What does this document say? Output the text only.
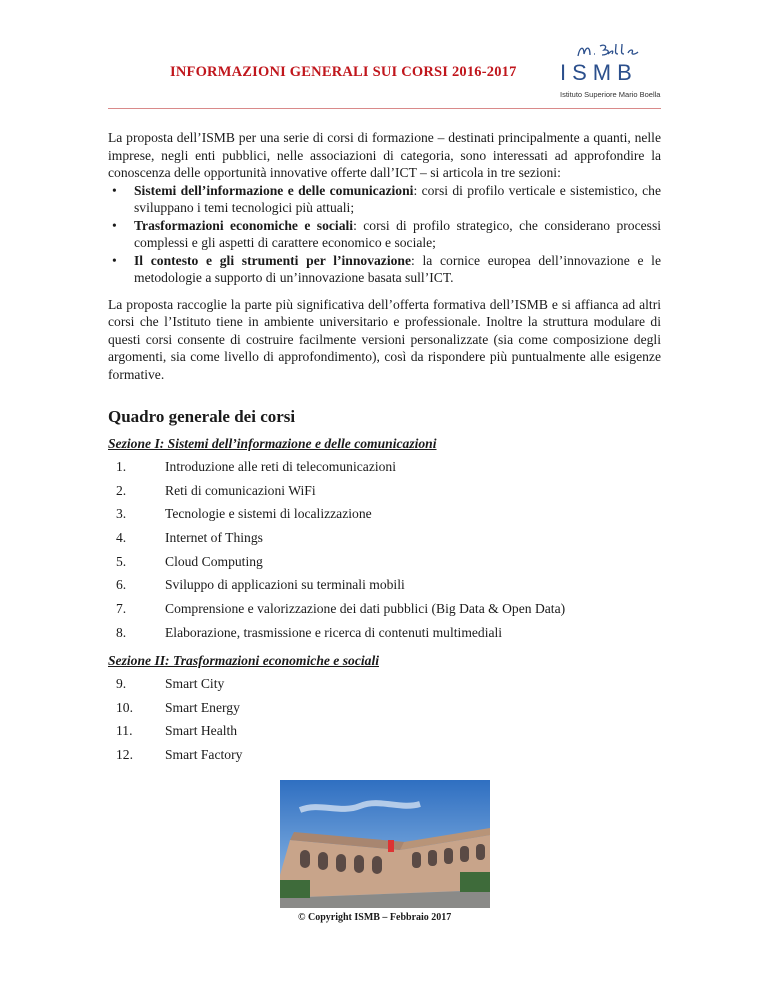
INFORMAZIONI GENERALI SUI CORSI 2016-2017 ISMB
Istituto Superiore Mario Boella

La proposta dell’ISMB per una serie di corsi di formazione – destinati principalmente a quanti, nelle imprese, negli enti pubblici, nelle associazioni di categoria, sono interessati ad approfondire la conoscenza delle opportunità innovative offerte dall’ICT – si articola in tre sezioni:

• Sistemi dell’informazione e delle comunicazioni: corsi di profilo verticale e sistemistico, che sviluppano i temi tecnologici più attuali;
• Trasformazioni economiche e sociali: corsi di profilo strategico, che considerano processi complessi e gli aspetti di carattere economico e sociale;
• Il contesto e gli strumenti per l’innovazione: la cornice europea dell’innovazione e le metodologie a supporto di un’innovazione basata sull’ICT.

La proposta raccoglie la parte più significativa dell’offerta formativa dell’ISMB e si affianca ad altri corsi che l’Istituto tiene in ambiente universitario e professionale. Inoltre la struttura modulare di questi corsi consente di costruire facilmente versioni personalizzate (sia come composizione degli argomenti, sia come livello di approfondimento), così da rispondere più puntualmente alle esigenze formative.

Quadro generale dei corsi
Sezione I: Sistemi dell’informazione e delle comunicazioni
1.	Introduzione alle reti di telecomunicazioni
2.	Reti di comunicazioni WiFi
3.	Tecnologie e sistemi di localizzazione
4.	Internet of Things
5.	Cloud Computing
6.	Sviluppo di applicazioni su terminali mobili
7.	Comprensione e valorizzazione dei dati pubblici (Big Data & Open Data)
8.	Elaborazione, trasmissione e ricerca di contenuti multimediali
Sezione II: Trasformazioni economiche e sociali
9.	Smart City
10.	Smart Energy
11.	Smart Health
12.	Smart Factory
© Copyright ISMB – Febbraio 2017
